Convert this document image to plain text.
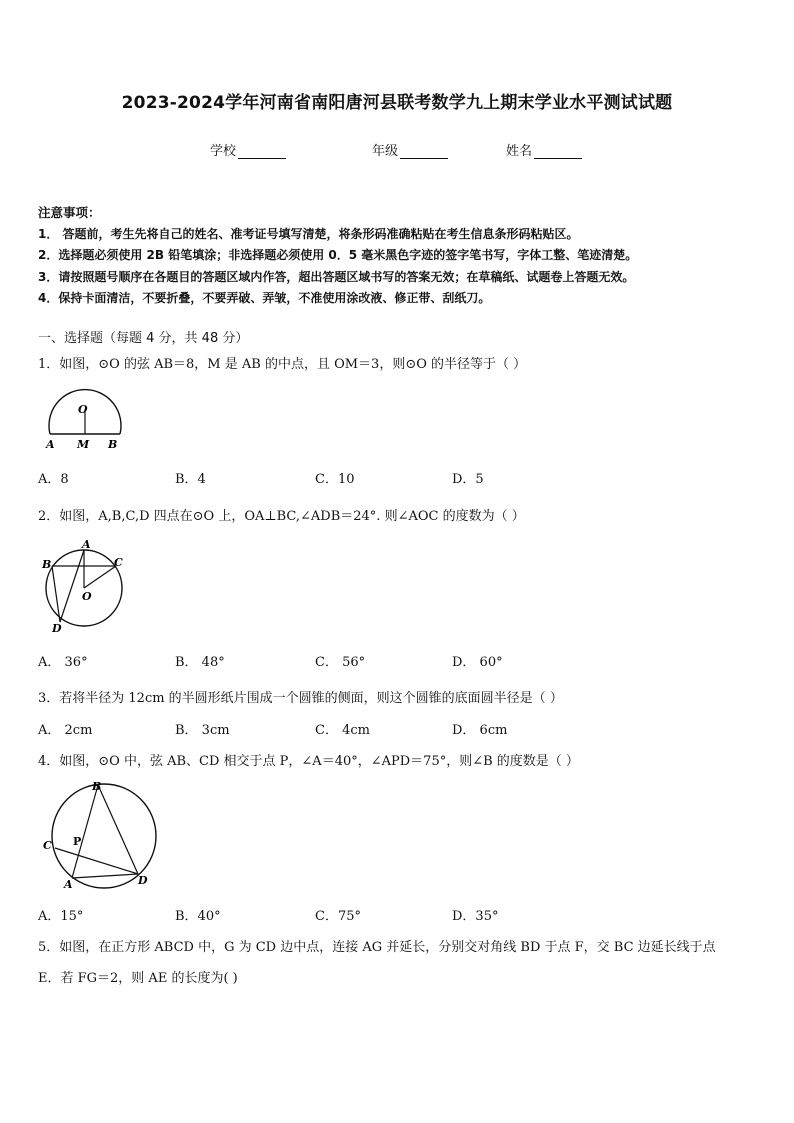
2023-2024学年河南省南阳唐河县联考数学九上期末学业水平测试试题
学校	年级	姓名
注意事项：
1． 答题前，考生先将自己的姓名、准考证号填写清楚，将条形码准确粘贴在考生信息条形码粘贴区。
2．选择题必须使用 2B 铅笔填涂；非选择题必须使用 0．5 毫米黑色字迹的签字笔书写，字体工整、笔迹清楚。
3．请按照题号顺序在各题目的答题区域内作答，超出答题区域书写的答案无效；在草稿纸、试题卷上答题无效。
4．保持卡面清洁，不要折叠，不要弄破、弄皱，不准使用涂改液、修正带、刮纸刀。
一、选择题（每题 4 分，共 48 分）
1．如图，⊙O 的弦 AB＝8，M 是 AB 的中点，且 OM＝3，则⊙O 的半径等于（ ）
O
A M B
A．8	B．4	C．10	D．5
2．如图，A,B,C,D 四点在⊙O 上，OA⊥BC,∠ADB＝24°. 则∠AOC 的度数为（ ）
A
B	C
O
D
A． 36°	B． 48°	C． 56°	D． 60°
3．若将半径为 12cm 的半圆形纸片围成一个圆锥的侧面，则这个圆锥的底面圆半径是（ ）
A． 2cm	B． 3cm	C． 4cm	D． 6cm
4．如图，⊙O 中，弦 AB、CD 相交于点 P，∠A＝40°，∠APD＝75°，则∠B 的度数是（ ）
B
P
C
A	D
A．15°	B．40°	C．75°	D．35°
5．如图，在正方形 ABCD 中，G 为 CD 边中点，连接 AG 并延长，分别交对角线 BD 于点 F，交 BC 边延长线于点
E．若 FG＝2，则 AE 的长度为( )
